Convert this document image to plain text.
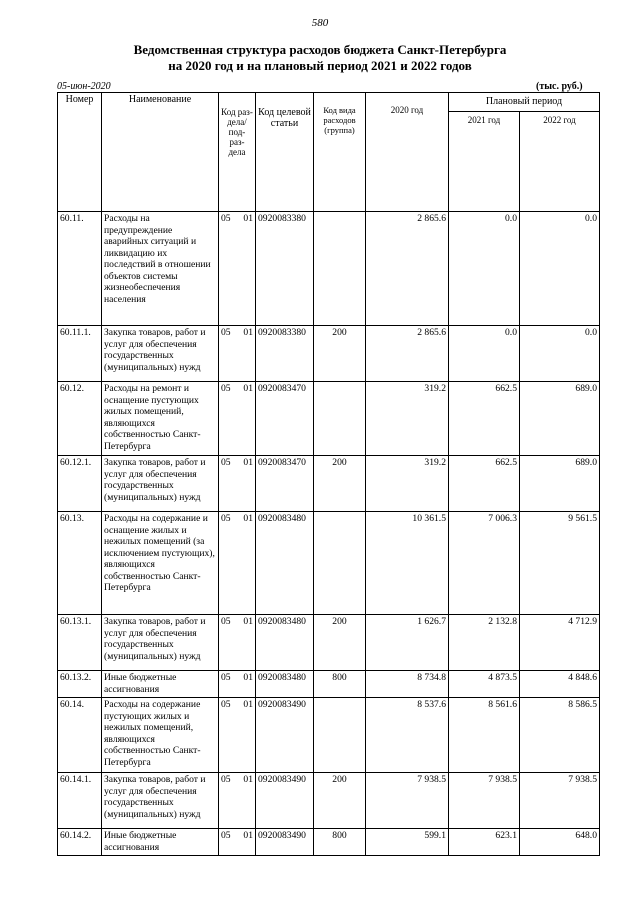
580
Ведомственная структура расходов бюджета Санкт-Петербурга
на 2020 год и на плановый период 2021 и 2022 годов
05-июн-2020	(тыс. руб.)
Номер	Наименование	Код раз- дела/ под- раз- дела	Код целевой статьи	Код вида расходов (группа)	2020 год	Плановый период	
						2021 год	2022 год
60.11.	Расходы на предупреждение аварийных ситуаций и ликвидацию их последствий в отношении объектов системы жизнеобеспечения населения	05 01	0920083380		2 865.6	0.0	0.0
60.11.1.	Закупка товаров, работ и услуг для обеспечения государственных (муниципальных) нужд	05 01	0920083380	200	2 865.6	0.0	0.0
60.12.	Расходы на ремонт и оснащение пустующих жилых помещений, являющихся собственностью Санкт-Петербурга	05 01	0920083470		319.2	662.5	689.0
60.12.1.	Закупка товаров, работ и услуг для обеспечения государственных (муниципальных) нужд	05 01	0920083470	200	319.2	662.5	689.0
60.13.	Расходы на содержание и оснащение жилых и нежилых помещений (за исключением пустующих), являющихся собственностью Санкт-Петербурга	05 01	0920083480		10 361.5	7 006.3	9 561.5
60.13.1.	Закупка товаров, работ и услуг для обеспечения государственных (муниципальных) нужд	05 01	0920083480	200	1 626.7	2 132.8	4 712.9
60.13.2.	Иные бюджетные ассигнования	05 01	0920083480	800	8 734.8	4 873.5	4 848.6
60.14.	Расходы на содержание пустующих жилых и нежилых помещений, являющихся собственностью Санкт-Петербурга	05 01	0920083490		8 537.6	8 561.6	8 586.5
60.14.1.	Закупка товаров, работ и услуг для обеспечения государственных (муниципальных) нужд	05 01	0920083490	200	7 938.5	7 938.5	7 938.5
60.14.2.	Иные бюджетные ассигнования	05 01	0920083490	800	599.1	623.1	648.0
